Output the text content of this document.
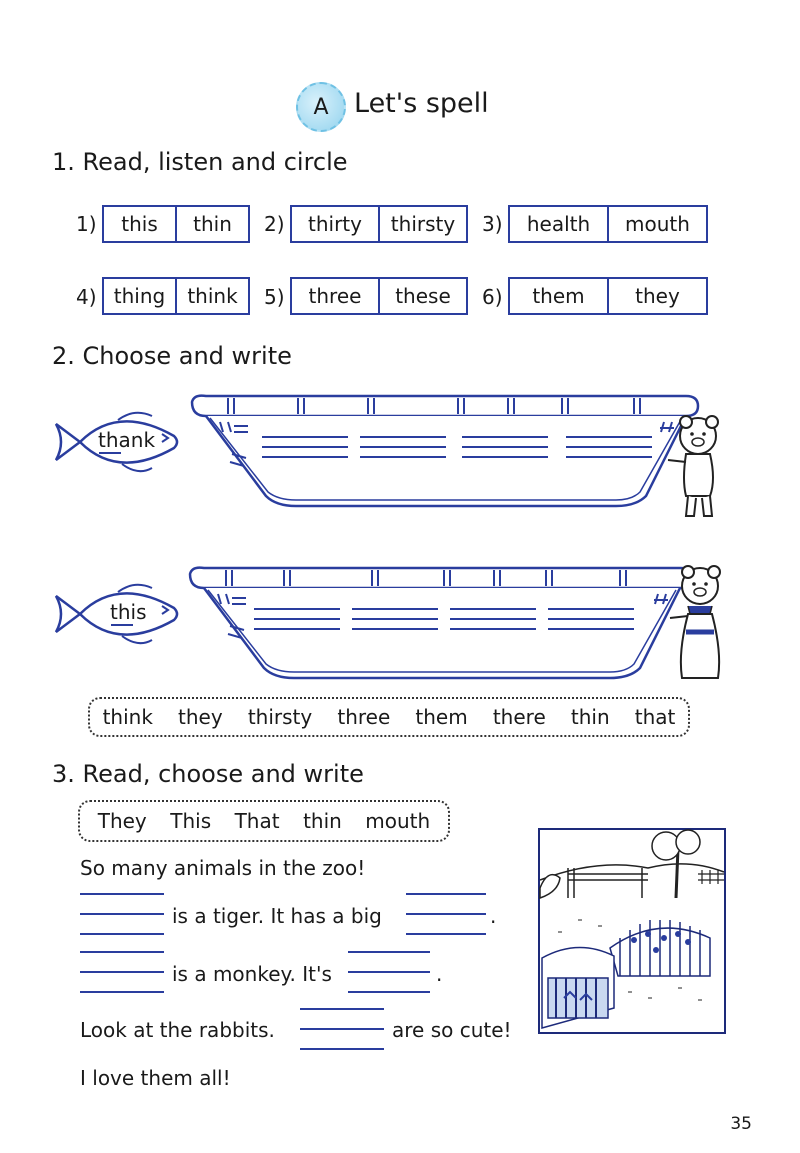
A Let's spell
1. Read, listen and circle
1)	this	thin	2)	thirty	thirsty	3)	health	mouth
4) thing	think	5)	three	these	6)	them	they
2. Choose and write
thank
this
think they thirsty three them there thin that
3. Read, choose and write
They This That thin mouth
So many animals in the zoo!
is a tiger. It has a big	.
is a monkey. It's	.
Look at the rabbits.	are so cute!
I love them all!
35
